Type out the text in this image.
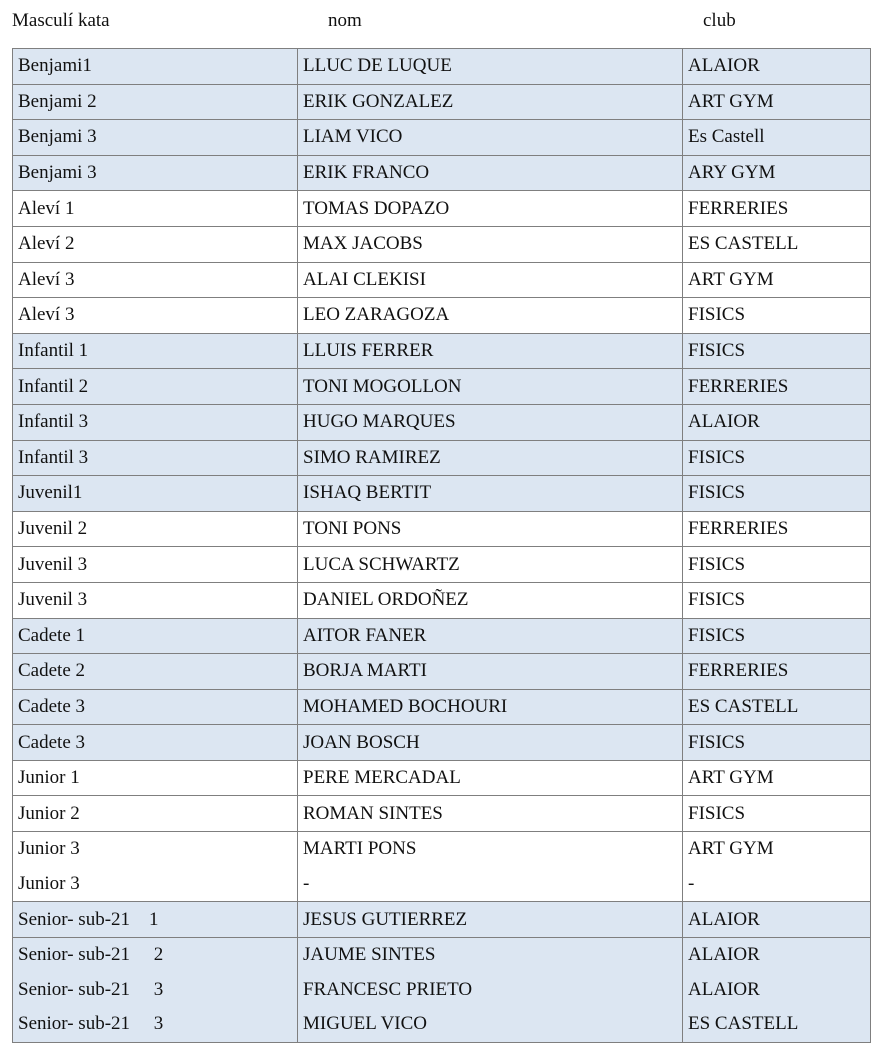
Masculí kata	nom	club
Benjami1	LLUC DE LUQUE	ALAIOR
Benjami 2	ERIK GONZALEZ	ART GYM
Benjami 3	LIAM VICO	Es Castell
Benjami 3	ERIK FRANCO	ARY GYM
Aleví 1	TOMAS DOPAZO	FERRERIES
Aleví 2	MAX JACOBS	ES CASTELL
Aleví 3	ALAI CLEKISI	ART GYM
Aleví 3	LEO ZARAGOZA	FISICS
Infantil 1	LLUIS FERRER	FISICS
Infantil 2	TONI MOGOLLON	FERRERIES
Infantil 3	HUGO MARQUES	ALAIOR
Infantil 3	SIMO RAMIREZ	FISICS
Juvenil1	ISHAQ BERTIT	FISICS
Juvenil 2	TONI PONS	FERRERIES
Juvenil 3	LUCA SCHWARTZ	FISICS
Juvenil 3	DANIEL ORDOÑEZ	FISICS
Cadete 1	AITOR FANER	FISICS
Cadete 2	BORJA MARTI	FERRERIES
Cadete 3	MOHAMED BOCHOURI	ES CASTELL
Cadete 3	JOAN BOSCH	FISICS
Junior 1	PERE MERCADAL	ART GYM
Junior 2	ROMAN SINTES	FISICS
Junior 3	MARTI PONS	ART GYM
Junior 3	-	-
Senior- sub-21    1	JESUS GUTIERREZ	ALAIOR
Senior- sub-21     2	JAUME SINTES	ALAIOR
Senior- sub-21     3	FRANCESC PRIETO	ALAIOR
Senior- sub-21     3	MIGUEL VICO	ES CASTELL
